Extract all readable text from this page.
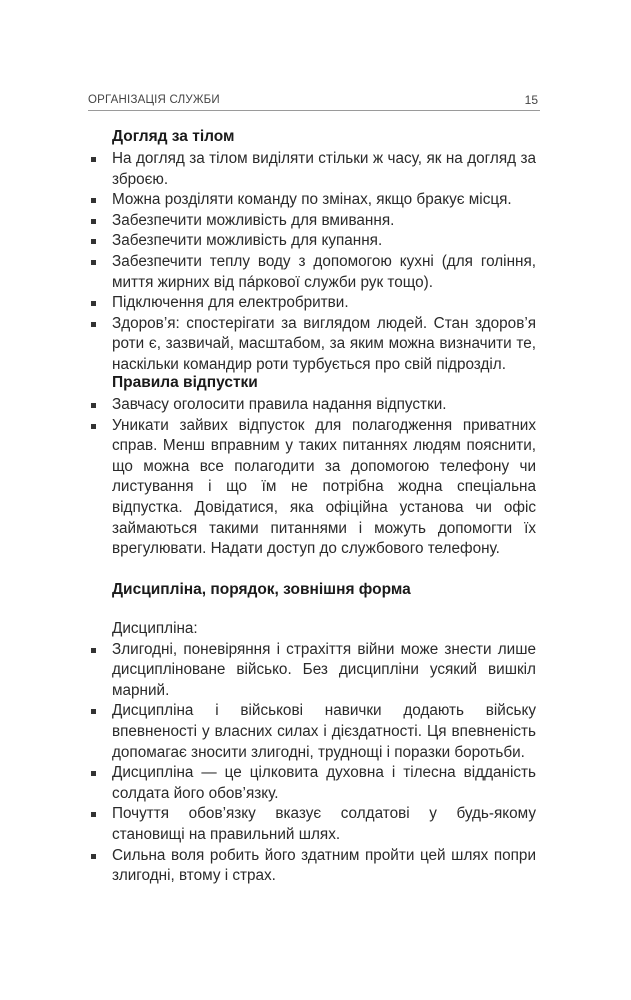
ОРГАНІЗАЦІЯ СЛУЖБИ	15
Догляд за тілом
На догляд за тілом виділяти стільки ж часу, як на догляд за зброєю.
Можна розділяти команду по змінах, якщо бракує місця.
Забезпечити можливість для вмивання.
Забезпечити можливість для купання.
Забезпечити теплу воду з допомогою кухні (для гоління, миття жирних від пáркової служби рук тощо).
Підключення для електробритви.
Здоров’я: спостерігати за виглядом людей. Стан здоров’я роти є, зазвичай, масштабом, за яким можна визначити те, наскільки командир роти турбується про свій підрозділ.
Правила відпустки
Завчасу оголосити правила надання відпустки.
Уникати зайвих відпусток для полагодження приватних справ. Менш вправним у таких питаннях людям пояснити, що можна все полагодити за допомогою телефону чи листування і що їм не потрібна жодна спеціальна відпустка. Довідатися, яка офіційна установа чи офіс займаються такими питаннями і можуть допомогти їх врегулювати. Надати доступ до службового телефону.
Дисципліна, порядок, зовнішня форма

Дисципліна:

Злигодні, поневіряння і страхіття війни може знести лише дисципліноване військо. Без дисципліни усякий вишкіл марний.
Дисципліна і військові навички додають війську впевненості у власних силах і дієздатності. Ця впевненість допомагає зносити злигодні, труднощі і поразки боротьби.
Дисципліна — це цілковита духовна і тілесна відданість солдата його обов’язку.
Почуття обов’язку вказує солдатові у будь-якому становищі на правильний шлях.
Сильна воля робить його здатним пройти цей шлях попри злигодні, втому і страх.
